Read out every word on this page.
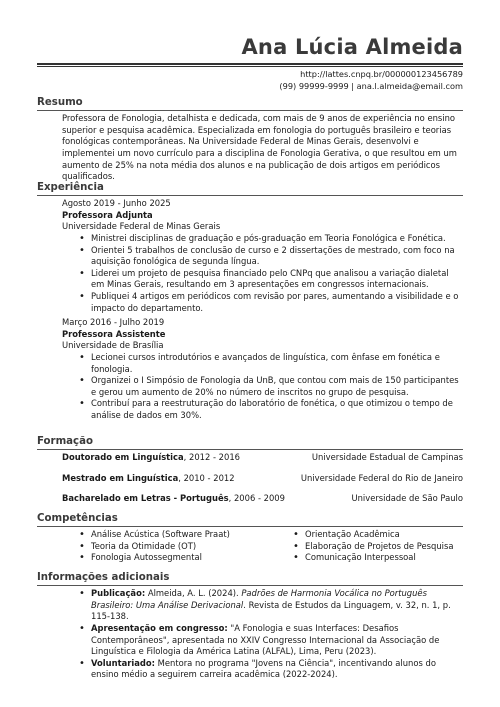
Ana Lúcia Almeida
http://lattes.cnpq.br/000000123456789
(99) 99999-9999 | ana.l.almeida@email.com
Resumo
Professora de Fonologia, detalhista e dedicada, com mais de 9 anos de experiência no ensino superior e pesquisa acadêmica. Especializada em fonologia do português brasileiro e teorias fonológicas contemporâneas. Na Universidade Federal de Minas Gerais, desenvolvi e implementei um novo currículo para a disciplina de Fonologia Gerativa, o que resultou em um aumento de 25% na nota média dos alunos e na publicação de dois artigos em periódicos qualificados.
Experiência
Agosto 2019 - Junho 2025
Professora Adjunta
Universidade Federal de Minas Gerais
• Ministrei disciplinas de graduação e pós-graduação em Teoria Fonológica e Fonética.
• Orientei 5 trabalhos de conclusão de curso e 2 dissertações de mestrado, com foco na aquisição fonológica de segunda língua.
• Liderei um projeto de pesquisa financiado pelo CNPq que analisou a variação dialetal em Minas Gerais, resultando em 3 apresentações em congressos internacionais.
• Publiquei 4 artigos em periódicos com revisão por pares, aumentando a visibilidade e o impacto do departamento.
Março 2016 - Julho 2019
Professora Assistente
Universidade de Brasília
• Lecionei cursos introdutórios e avançados de linguística, com ênfase em fonética e fonologia.
• Organizei o I Simpósio de Fonologia da UnB, que contou com mais de 150 participantes e gerou um aumento de 20% no número de inscritos no grupo de pesquisa.
• Contribuí para a reestruturação do laboratório de fonética, o que otimizou o tempo de análise de dados em 30%.
Formação
Doutorado em Linguística, 2012 - 2016	Universidade Estadual de Campinas
Mestrado em Linguística, 2010 - 2012	Universidade Federal do Rio de Janeiro
Bacharelado em Letras - Português, 2006 - 2009	Universidade de São Paulo
Competências
• Análise Acústica (Software Praat)
• Teoria da Otimidade (OT)
• Fonologia Autossegmental
• Orientação Acadêmica
• Elaboração de Projetos de Pesquisa
• Comunicação Interpessoal
Informações adicionais
• Publicação: Almeida, A. L. (2024). Padrões de Harmonia Vocálica no Português Brasileiro: Uma Análise Derivacional. Revista de Estudos da Linguagem, v. 32, n. 1, p. 115-138.
• Apresentação em congresso: "A Fonologia e suas Interfaces: Desafios Contemporâneos", apresentada no XXIV Congresso Internacional da Associação de Linguística e Filologia da América Latina (ALFAL), Lima, Peru (2023).
• Voluntariado: Mentora no programa "Jovens na Ciência", incentivando alunos do ensino médio a seguirem carreira acadêmica (2022-2024).
